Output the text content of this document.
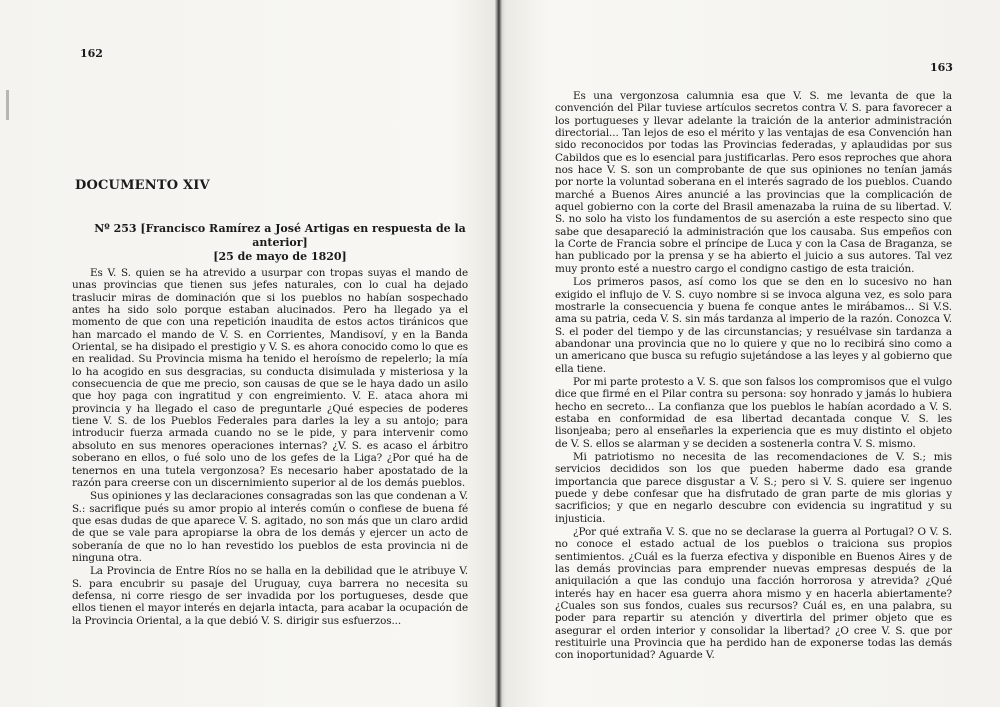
162
DOCUMENTO XIV
Nº 253 [Francisco Ramírez a José Artigas en respuesta de la anterior]
[25 de mayo de 1820]

Es V. S. quien se ha atrevido a usurpar con tropas suyas el mando de unas provincias que tienen sus jefes naturales, con lo cual ha dejado traslucir miras de dominación que si los pueblos no habían sospechado antes ha sido solo porque estaban alucinados. Pero ha llegado ya el momento de que con una repetición inaudita de estos actos tiránicos que han marcado el mando de V. S. en Corrientes, Mandisoví, y en la Banda Oriental, se ha disipado el prestigio y V. S. es ahora conocido como lo que es en realidad. Su Provincia misma ha tenido el heroísmo de repelerlo; la mía lo ha acogido en sus desgracias, su conducta disimulada y misteriosa y la consecuencia de que me precio, son causas de que se le haya dado un asilo que hoy paga con ingratitud y con engreimiento. V. E. ataca ahora mi provincia y ha llegado el caso de preguntarle ¿Qué especies de poderes tiene V. S. de los Pueblos Federales para darles la ley a su antojo; para introducir fuerza armada cuando no se le pide, y para intervenir como absoluto en sus menores operaciones internas? ¿V. S. es acaso el árbitro soberano en ellos, o fué solo uno de los gefes de la Liga? ¿Por qué ha de tenernos en una tutela vergonzosa? Es necesario haber apostatado de la razón para creerse con un discernimiento superior al de los demás pueblos.

Sus opiniones y las declaraciones consagradas son las que condenan a V. S.: sacrifique pués su amor propio al interés común o confiese de buena fé que esas dudas de que aparece V. S. agitado, no son más que un claro ardid de que se vale para apropiarse la obra de los demás y ejercer un acto de soberanía de que no lo han revestido los pueblos de esta provincia ni de ninguna otra.

La Provincia de Entre Ríos no se halla en la debilidad que le atribuye V. S. para encubrir su pasaje del Uruguay, cuya barrera no necesita su defensa, ni corre riesgo de ser invadida por los portugueses, desde que ellos tienen el mayor interés en dejarla intacta, para acabar la ocupación de la Provincia Oriental, a la que debió V. S. dirigir sus esfuerzos...

163

Es una vergonzosa calumnia esa que V. S. me levanta de que la convención del Pilar tuviese artículos secretos contra V. S. para favorecer a los portugueses y llevar adelante la traición de la anterior administración directorial... Tan lejos de eso el mérito y las ventajas de esa Convención han sido reconocidos por todas las Provincias federadas, y aplaudidas por sus Cabildos que es lo esencial para justificarlas. Pero esos reproches que ahora nos hace V. S. son un comprobante de que sus opiniones no tenían jamás por norte la voluntad soberana en el interés sagrado de los pueblos. Cuando marché a Buenos Aires anuncié a las provincias que la complicación de aquel gobierno con la corte del Brasil amenazaba la ruina de su libertad. V. S. no solo ha visto los fundamentos de su aserción a este respecto sino que sabe que desapareció la administración que los causaba. Sus empeños con la Corte de Francia sobre el príncipe de Luca y con la Casa de Braganza, se han publicado por la prensa y se ha abierto el juicio a sus autores. Tal vez muy pronto esté a nuestro cargo el condigno castigo de esta traición.

Los primeros pasos, así como los que se den en lo sucesivo no han exigido el influjo de V. S. cuyo nombre si se invoca alguna vez, es solo para mostrarle la consecuencia y buena fe conque antes le mirábamos... Si V.S. ama su patria, ceda V. S. sin más tardanza al imperio de la razón. Conozca V. S. el poder del tiempo y de las circunstancias; y resuélvase sin tardanza a abandonar una provincia que no lo quiere y que no lo recibirá sino como a un americano que busca su refugio sujetándose a las leyes y al gobierno que ella tiene.

Por mi parte protesto a V. S. que son falsos los compromisos que el vulgo dice que firmé en el Pilar contra su persona: soy honrado y jamás lo hubiera hecho en secreto... La confianza que los pueblos le habían acordado a V. S. estaba en conformidad de esa libertad decantada conque V. S. les lisonjeaba; pero al enseñarles la experiencia que es muy distinto el objeto de V. S. ellos se alarman y se deciden a sostenerla contra V. S. mismo.

Mi patriotismo no necesita de las recomendaciones de V. S.; mis servicios decididos son los que pueden haberme dado esa grande importancia que parece disgustar a V. S.; pero si V. S. quiere ser ingenuo puede y debe confesar que ha disfrutado de gran parte de mis glorias y sacrificios; y que en negarlo descubre con evidencia su ingratitud y su injusticia.

¿Por qué extraña V. S. que no se declarase la guerra al Portugal? O V. S. no conoce el estado actual de los pueblos o traiciona sus propios sentimientos. ¿Cuál es la fuerza efectiva y disponible en Buenos Aires y de las demás provincias para emprender nuevas empresas después de la aniquilación a que las condujo una facción horrorosa y atrevida? ¿Qué interés hay en hacer esa guerra ahora mismo y en hacerla abiertamente? ¿Cuales son sus fondos, cuales sus recursos? Cuál es, en una palabra, su poder para repartir su atención y divertirla del primer objeto que es asegurar el orden interior y consolidar la libertad? ¿O cree V. S. que por restituirle una Provincia que ha perdido han de exponerse todas las demás con inoportunidad? Aguarde V.
